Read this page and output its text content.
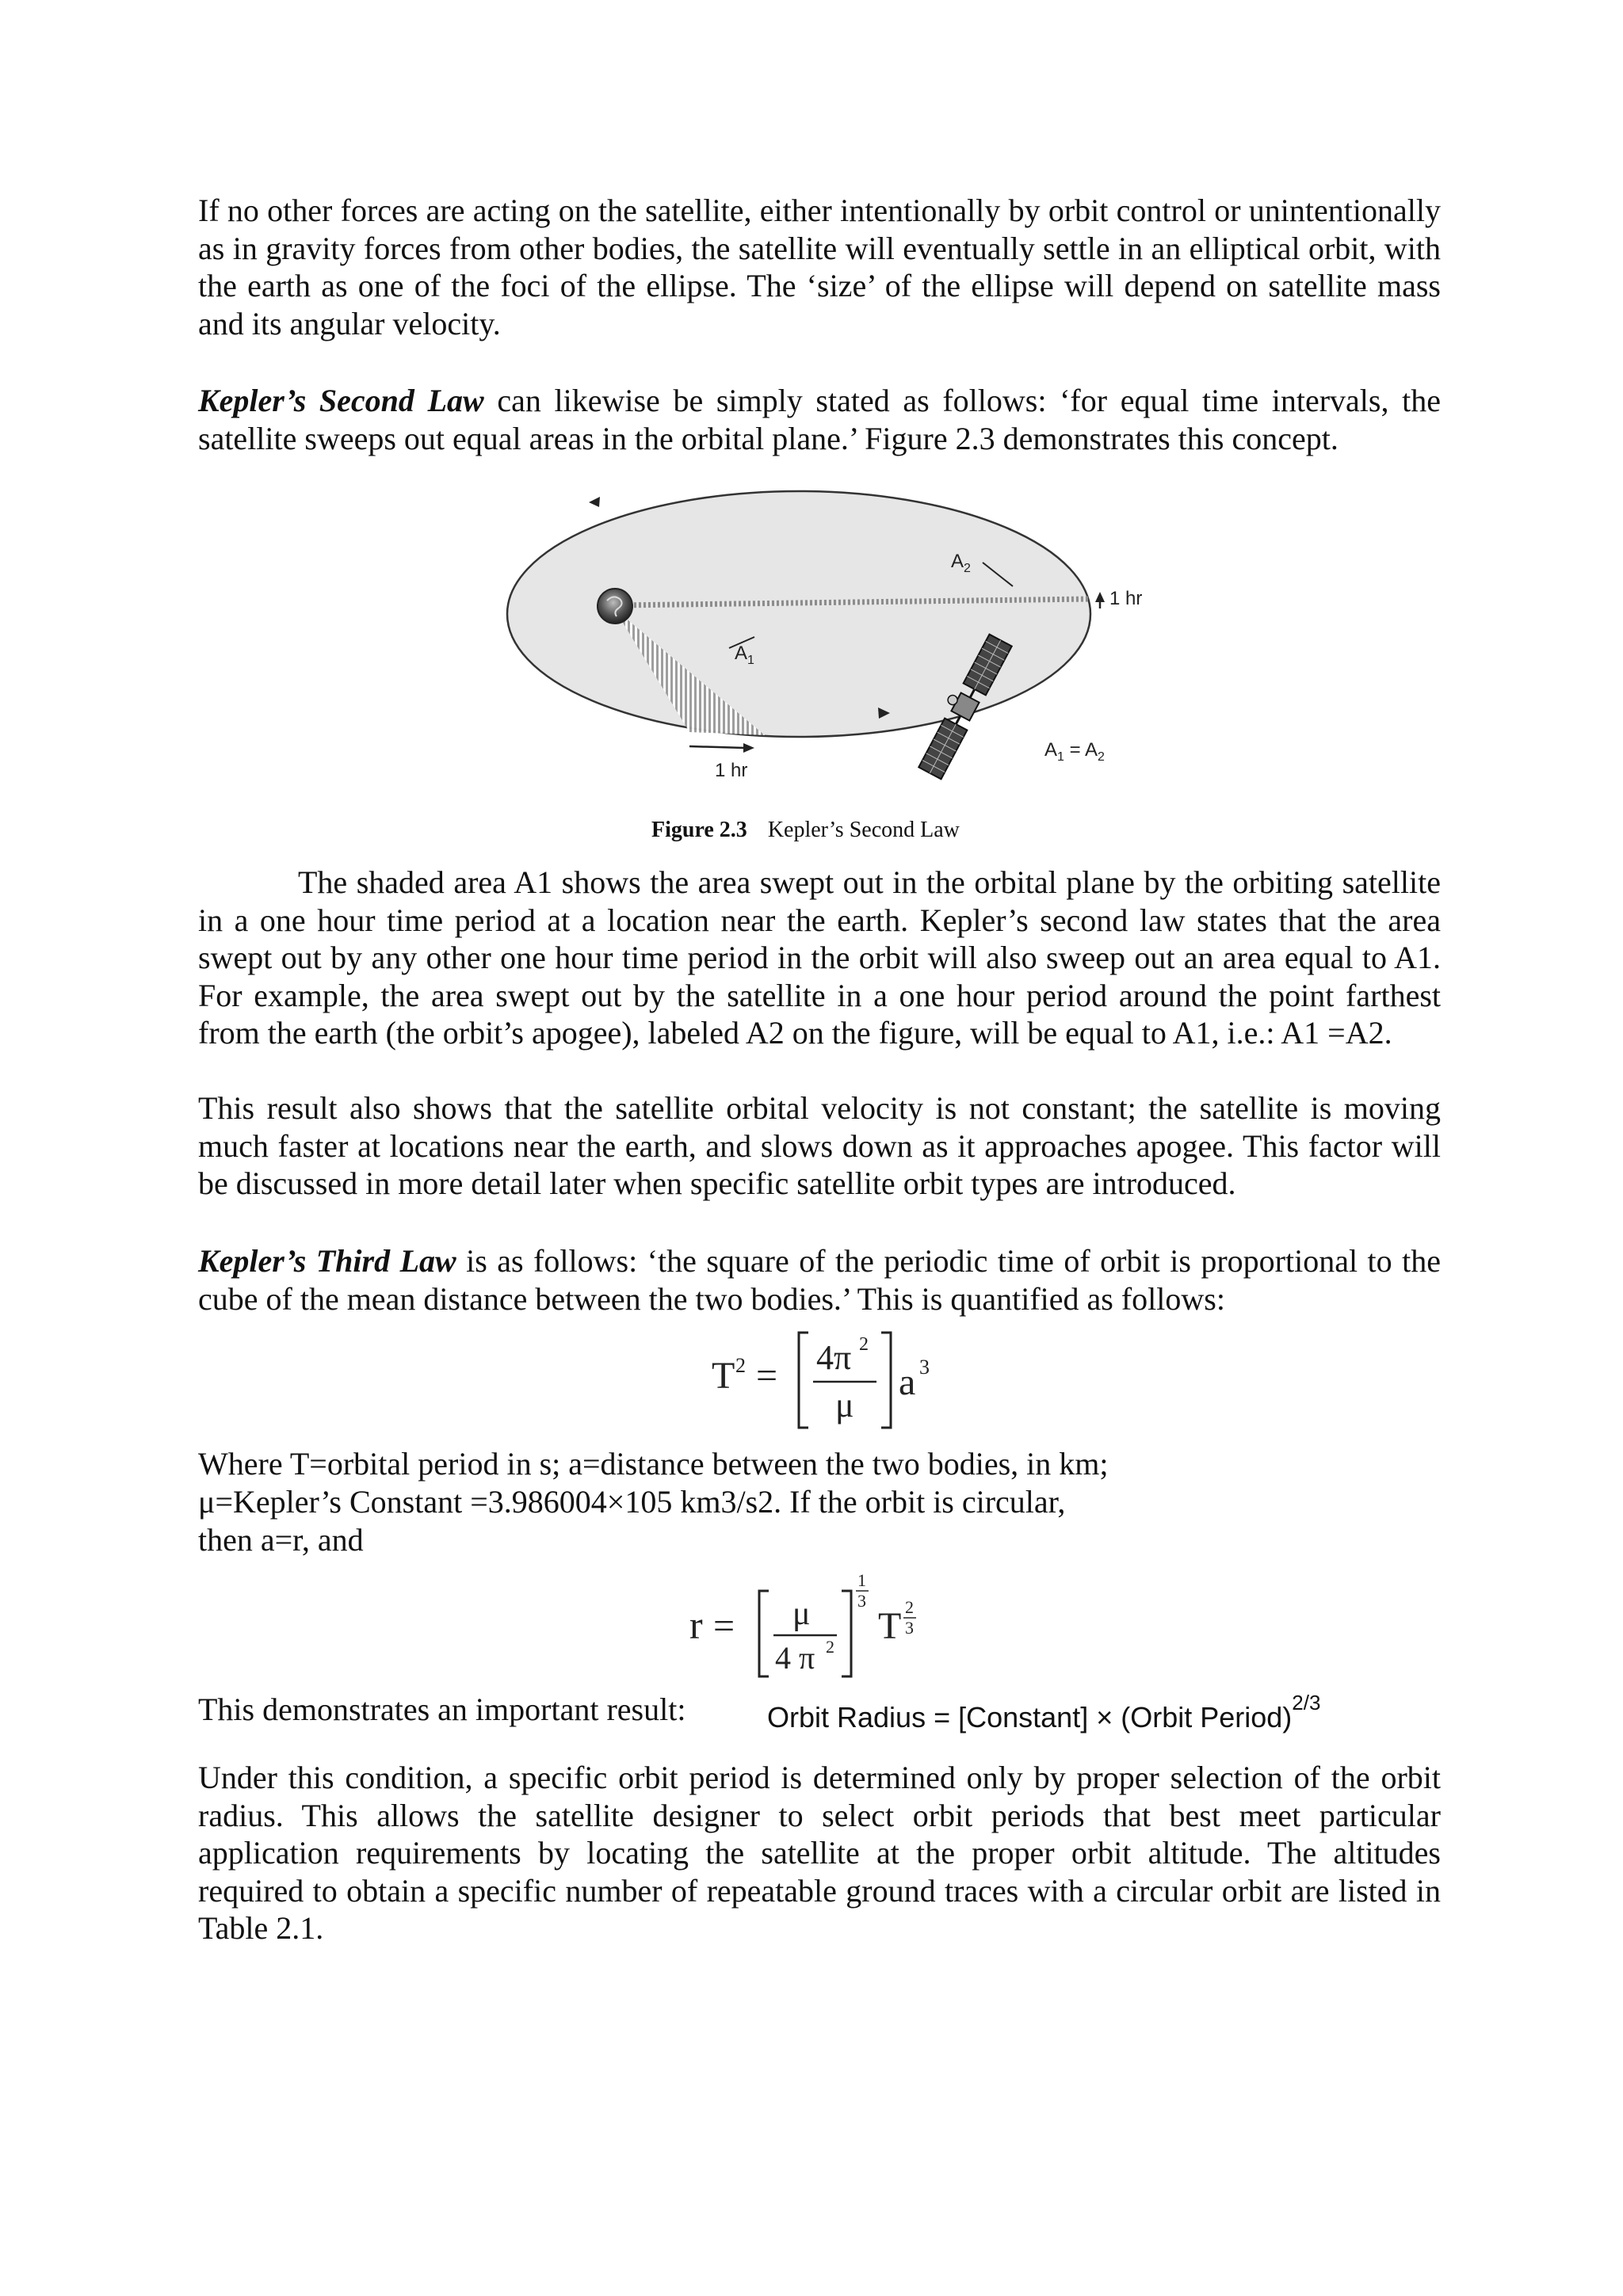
If no other forces are acting on the satellite, either intentionally by orbit control or unintentionally as in gravity forces from other bodies, the satellite will eventually settle in an elliptical orbit, with the earth as one of the foci of the ellipse. The ‘size’ of the ellipse will depend on satellite mass and its angular velocity.

Kepler’s Second Law can likewise be simply stated as follows: ‘for equal time intervals, the satellite sweeps out equal areas in the orbital plane.’ Figure 2.3 demonstrates this concept.

$A_1$
$A_2$
1 hr
1 hr
$A_1 = A_2$
Figure 2.3 Kepler’s Second Law

The shaded area A1 shows the area swept out in the orbital plane by the orbiting satellite in a one hour time period at a location near the earth. Kepler’s second law states that the area swept out by any other one hour time period in the orbit will also sweep out an area equal to A1. For example, the area swept out by the satellite in a one hour period around the point farthest from the earth (the orbit’s apogee), labeled A2 on the figure, will be equal to A1, i.e.: A1 =A2.

This result also shows that the satellite orbital velocity is not constant; the satellite is moving much faster at locations near the earth, and slows down as it approaches apogee. This factor will be discussed in more detail later when specific satellite orbit types are introduced.

Kepler’s Third Law is as follows: ‘the square of the periodic time of orbit is proportional to the cube of the mean distance between the two bodies.’ This is quantified as follows:

T 2 = 4π 2
μ
a 3
Where T=orbital period in s; a=distance between the two bodies, in km;
μ=Kepler’s Constant =3.986004×105 km3/s2. If the orbit is circular,
then a=r, and
r = μ
4 π 2
1
3
T 2
3
This demonstrates an important result:	Orbit Radius = [Constant] × (Orbit Period)$^{2/3}$

Under this condition, a specific orbit period is determined only by proper selection of the orbit radius. This allows the satellite designer to select orbit periods that best meet particular application requirements by locating the satellite at the proper orbit altitude. The altitudes required to obtain a specific number of repeatable ground traces with a circular orbit are listed in Table 2.1.
